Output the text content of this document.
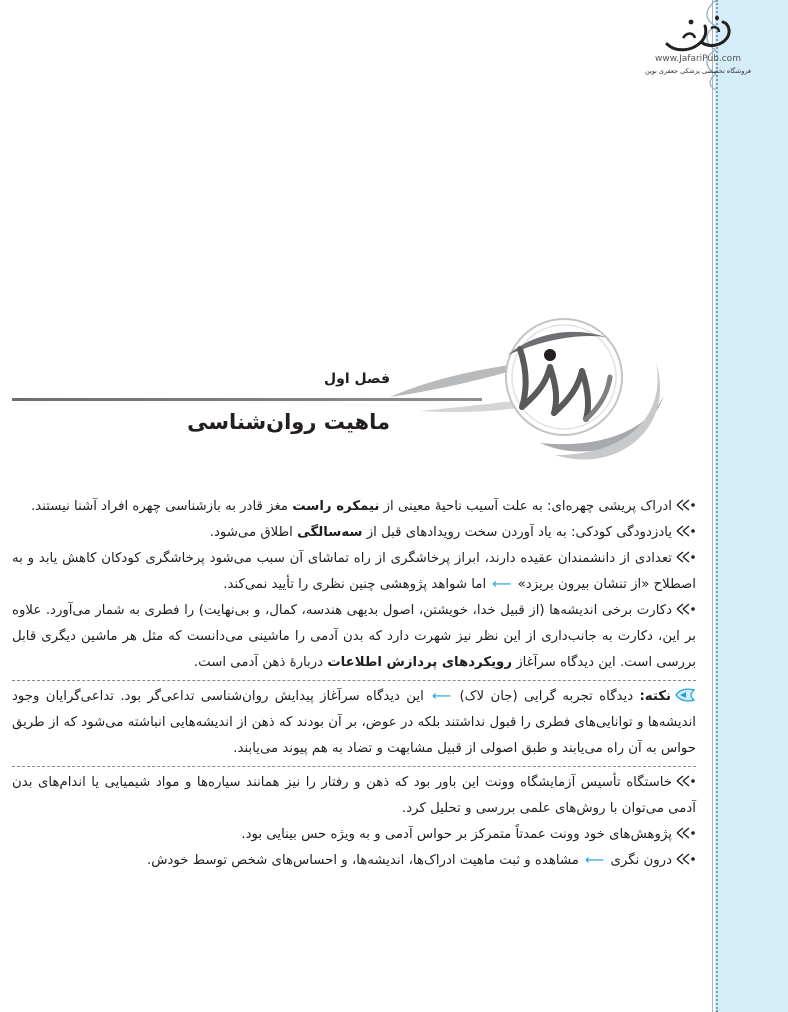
www.JafariPub.com
فروشگاه تخصصی پزشکی جعفری نوین
فصل اول
ماهیت روان‌شناسی
ادراک پریشی چهره‌ای: به علت آسیب ناحیهٔ معینی از نیمکره راست مغز قادر به بازشناسی چهره افراد آشنا نیستند.
یادزدودگی کودکی: به یاد آوردن سخت رویدادهای قبل از سه‌سالگی اطلاق می‌شود.
تعدادی از دانشمندان عقیده دارند، ابراز پرخاشگری از راه تماشای آن سبب می‌شود پرخاشگری کودکان کاهش یابد و به اصطلاح «از تنشان بیرون بریزد» ⟵ اما شواهد پژوهشی چنین نظری را تأیید نمی‌کند.
دکارت برخی اندیشه‌ها (از قبیل خدا، خویشتن، اصول بدیهی هندسه، کمال، و بی‌نهایت) را فطری به شمار می‌آورد. علاوه بر این، دکارت به جانب‌داری از این نظر نیز شهرت دارد که بدن آدمی را ماشینی می‌دانست که مثل هر ماشین دیگری قابل بررسی است. این دیدگاه سرآغاز رویکردهای پردازش اطلاعات دربارهٔ ذهن آدمی است.
نکته: دیدگاه تجربه گرایی (جان لاک) ⟵ این دیدگاه سرآغاز پیدایش روان‌شناسی تداعی‌گر بود. تداعی‌گرایان وجود اندیشه‌ها و توانایی‌های فطری را قبول نداشتند بلکه در عوض، بر آن بودند که ذهن از اندیشه‌هایی انباشته می‌شود که از طریق حواس به آن راه می‌یابند و طبق اصولی از قبیل مشابهت و تضاد به هم پیوند می‌یابند.
خاستگاه تأسیس آزمایشگاه وونت این باور بود که ذهن و رفتار را نیز همانند سیاره‌ها و مواد شیمیایی یا اندام‌های بدن آدمی می‌توان با روش‌های علمی بررسی و تحلیل کرد.
پژوهش‌های خود وونت عمدتاً متمرکز بر حواس آدمی و به ویژه حس بینایی بود.
درون نگری ⟵ مشاهده و ثبت ماهیت ادراک‌ها، اندیشه‌ها، و احساس‌های شخص توسط خودش.
